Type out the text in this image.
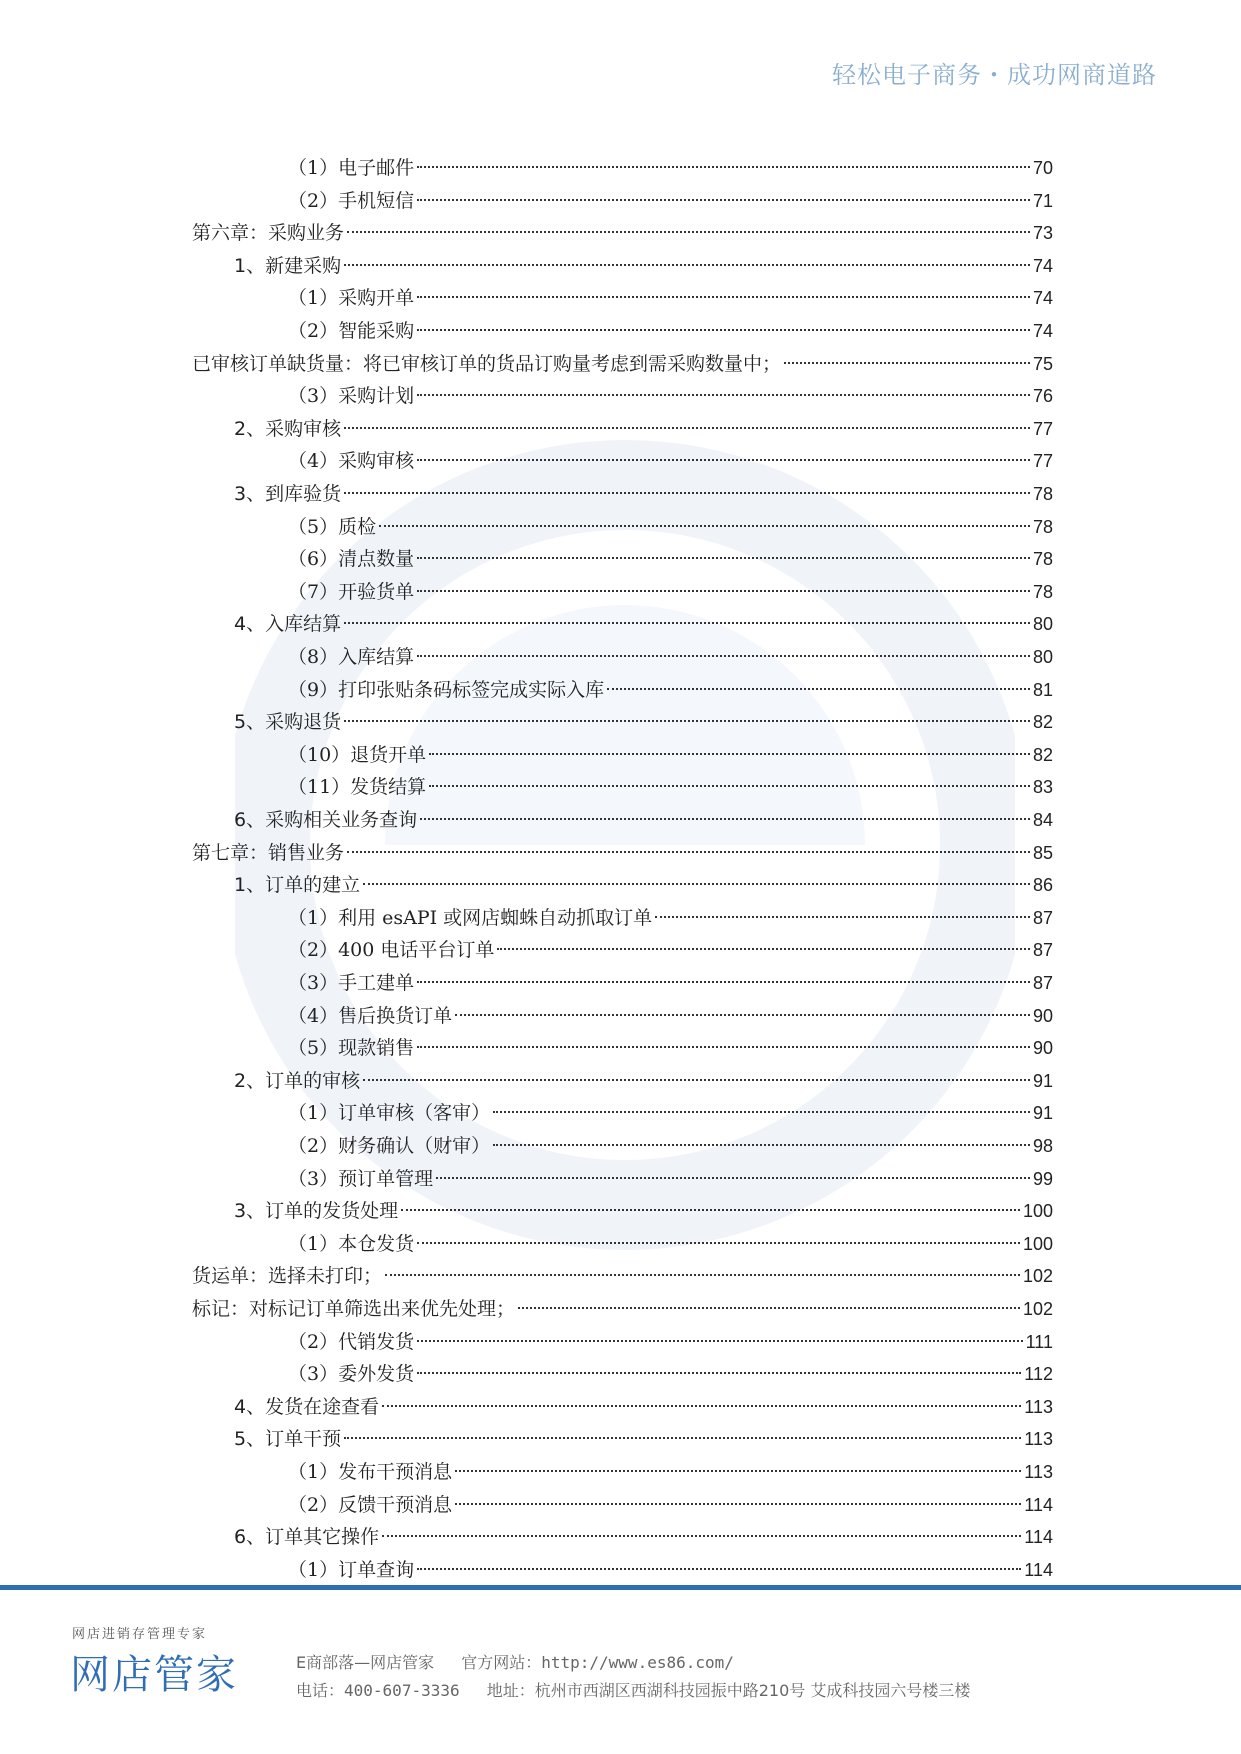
轻松电子商务・成功网商道路
（1）电子邮件	70
（2）手机短信	71
第六章：采购业务	73
1、新建采购	74
（1）采购开单	74
（2）智能采购	74
已审核订单缺货量：将已审核订单的货品订购量考虑到需采购数量中；	75
（3）采购计划	76
2、采购审核	77
（4）采购审核	77
3、到库验货	78
（5）质检	78
（6）清点数量	78
（7）开验货单	78
4、入库结算	80
（8）入库结算	80
（9）打印张贴条码标签完成实际入库	81
5、采购退货	82
（10）退货开单	82
（11）发货结算	83
6、采购相关业务查询	84
第七章：销售业务	85
1、订单的建立	86
（1）利用 esAPI 或网店蜘蛛自动抓取订单	87
（2）400 电话平台订单	87
（3）手工建单	87
（4）售后换货订单	90
（5）现款销售	90
2、订单的审核	91
（1）订单审核（客审）	91
（2）财务确认（财审）	98
（3）预订单管理	99
3、订单的发货处理	100
（1）本仓发货	100
货运单：选择未打印；	102
标记：对标记订单筛选出来优先处理；	102
（2）代销发货	111
（3）委外发货	112
4、发货在途查看	113
5、订单干预	113
（1）发布干预消息	113
（2）反馈干预消息	114
6、订单其它操作	114
（1）订单查询	114
网店进销存管理专家
网店管家	E商部落—网店管家 官方网站：http://www.es86.com/
电话：400-607-3336 地址：杭州市西湖区西湖科技园振中路210号 艾成科技园六号楼三楼
